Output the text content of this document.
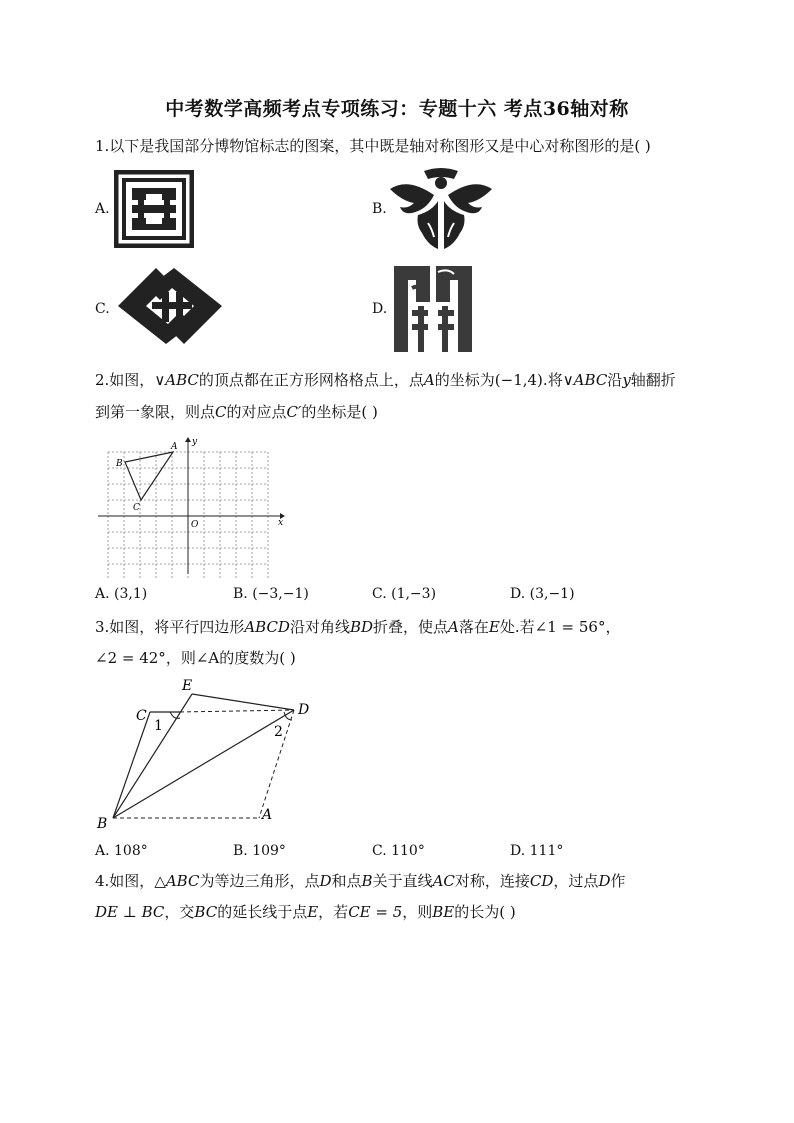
中考数学高频考点专项练习：专题十六 考点36轴对称
1.以下是我国部分博物馆标志的图案，其中既是轴对称图形又是中心对称图形的是( )
A.	B.
C.	D.
2.如图，∨ABC的顶点都在正方形网格格点上，点A的坐标为(−1,4).将∨ABC沿y轴翻折
到第一象限，则点C的对应点C′的坐标是( )
A
B
C
O	x
y
A. (3,1)	B. (−3,−1)	C. (1,−3)	D. (3,−1)
3.如图，将平行四边形ABCD沿对角线BD折叠，使点A落在E处.若∠1 = 56°，
∠2 = 42°，则∠A的度数为( )
C
E
D
B
A
1	2
A. 108°	B. 109°	C. 110°	D. 111°
4.如图，△ABC为等边三角形，点D和点B关于直线AC对称，连接CD，过点D作
DE ⊥ BC，交BC的延长线于点E，若CE = 5，则BE的长为( )
